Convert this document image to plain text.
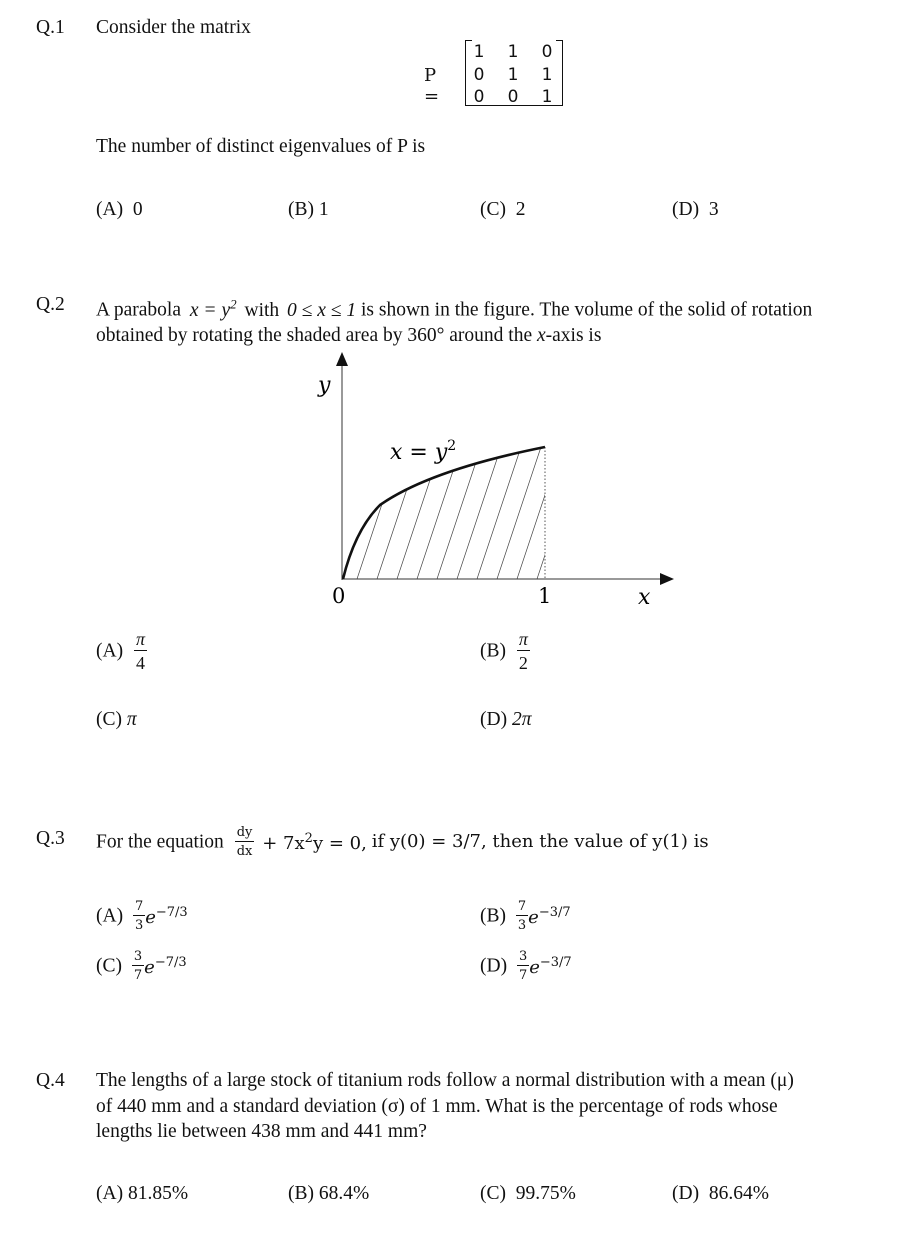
Q.1 Consider the matrix
P =
1 1 0
0 1 1
0 0 1
The number of distinct eigenvalues of P is
(A) 0	(B) 1	(C) 2	(D) 3
Q.2 A parabola $x = y^2$ with 0 ≤ x ≤ 1 is shown in the figure. The volume of the solid of rotation
obtained by rotating the shaded area by 360° around the x-axis is
y
x
0	1
$x = y^2$
$(A) \frac{\pi}{4}$	$(B) \frac{\pi}{2}$
(C) π	(D) 2π
Q.3 For the equation $\frac{dy}{dx} + 7x^2y = 0$, if y(0) = 3/7, then the value of y(1) is
$(A) \frac{7}{3} e^{-7/3}$	$(B) \frac{7}{3} e^{-3/7}$
$(C) \frac{3}{7} e^{-7/3}$	$(D) \frac{3}{7} e^{-3/7}$
Q.4 The lengths of a large stock of titanium rods follow a normal distribution with a mean (μ)
of 440 mm and a standard deviation (σ) of 1 mm. What is the percentage of rods whose
lengths lie between 438 mm and 441 mm?
(A) 81.85%	(B) 68.4%	(C) 99.75%	(D) 86.64%
